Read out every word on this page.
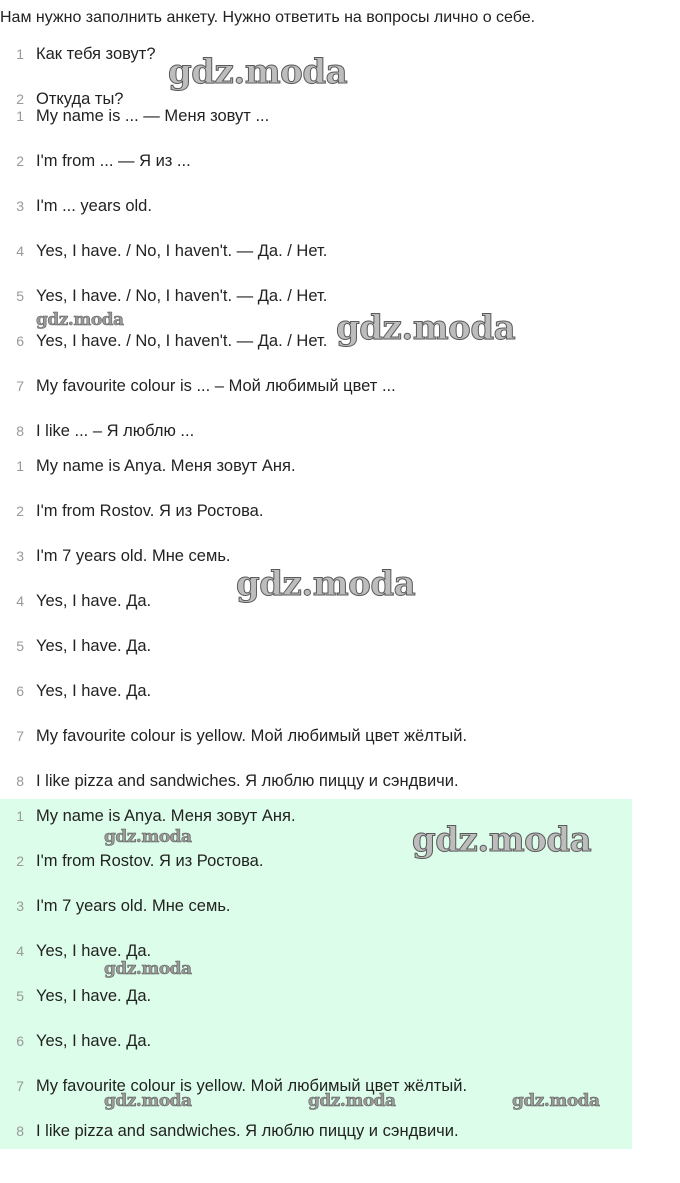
Нам нужно заполнить анкету. Нужно ответить на вопросы лично о себе.
1 Как тебя зовут?
2 Откуда ты?
1 My name is ... — Меня зовут ...
2 I'm from ... — Я из ...
3 I'm ... years old.
4 Yes, I have. / No, I haven't. — Да. / Нет.
5 Yes, I have. / No, I haven't. — Да. / Нет.
6 Yes, I have. / No, I haven't. — Да. / Нет.
7 My favourite colour is ... – Мой любимый цвет ...
8 I like ... – Я люблю ...
1 My name is Anya. Меня зовут Аня.
2 I'm from Rostov. Я из Ростова.
3 I'm 7 years old. Мне семь.
4 Yes, I have. Да.
5 Yes, I have. Да.
6 Yes, I have. Да.
7 My favourite colour is yellow. Мой любимый цвет жёлтый.
8 I like pizza and sandwiches. Я люблю пиццу и сэндвичи.
1 My name is Anya. Меня зовут Аня.
2 I'm from Rostov. Я из Ростова.
3 I'm 7 years old. Мне семь.
4 Yes, I have. Да.
5 Yes, I have. Да.
6 Yes, I have. Да.
7 My favourite colour is yellow. Мой любимый цвет жёлтый.
8 I like pizza and sandwiches. Я люблю пиццу и сэндвичи.
gdz.moda
gdz.moda	gdz.moda
gdz.moda
gdz.moda	gdz.moda
gdz.moda
gdz.moda	gdz.moda	gdz.moda
